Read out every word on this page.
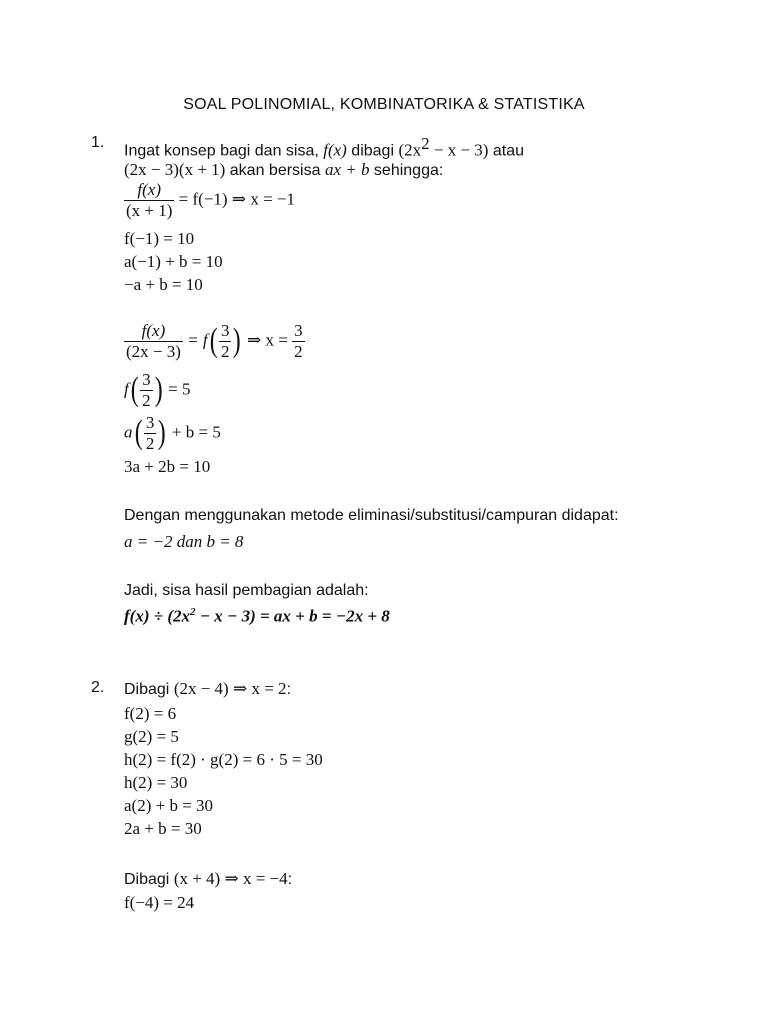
SOAL POLINOMIAL, KOMBINATORIKA & STATISTIKA
1. Ingat konsep bagi dan sisa, f(x) dibagi $(2x^2 - x - 3)$ atau
(2x − 3)(x + 1) akan bersisa ax + b sehingga:
$\frac{f(x)}{(x + 1)} = f(-1)$ ⇒ x = −1
f(−1) = 10
a(−1) + b = 10
−a + b = 10
$\frac{f(x)}{(2x - 3)} = f( \frac{3}{2}$ ) ⇒ $x = \frac{3}{2}$
$f( \frac{3}{2}$ ) = 5
$a( \frac{3}{2}$ ) + b = 5
3a + 2b = 10
Dengan menggunakan metode eliminasi/substitusi/campuran didapat:
a = −2 dan b = 8
Jadi, sisa hasil pembagian adalah:
$f(x) \div (2x^2 - x - 3)$ = ax + b = −2x + 8
2. Dibagi (2x − 4) ⇒ x = 2:
f(2) = 6
g(2) = 5
h(2) = f(2) · g(2) = 6 · 5 = 30
h(2) = 30
a(2) + b = 30
2a + b = 30
Dibagi (x + 4) ⇒ x = −4:
f(−4) = 24
